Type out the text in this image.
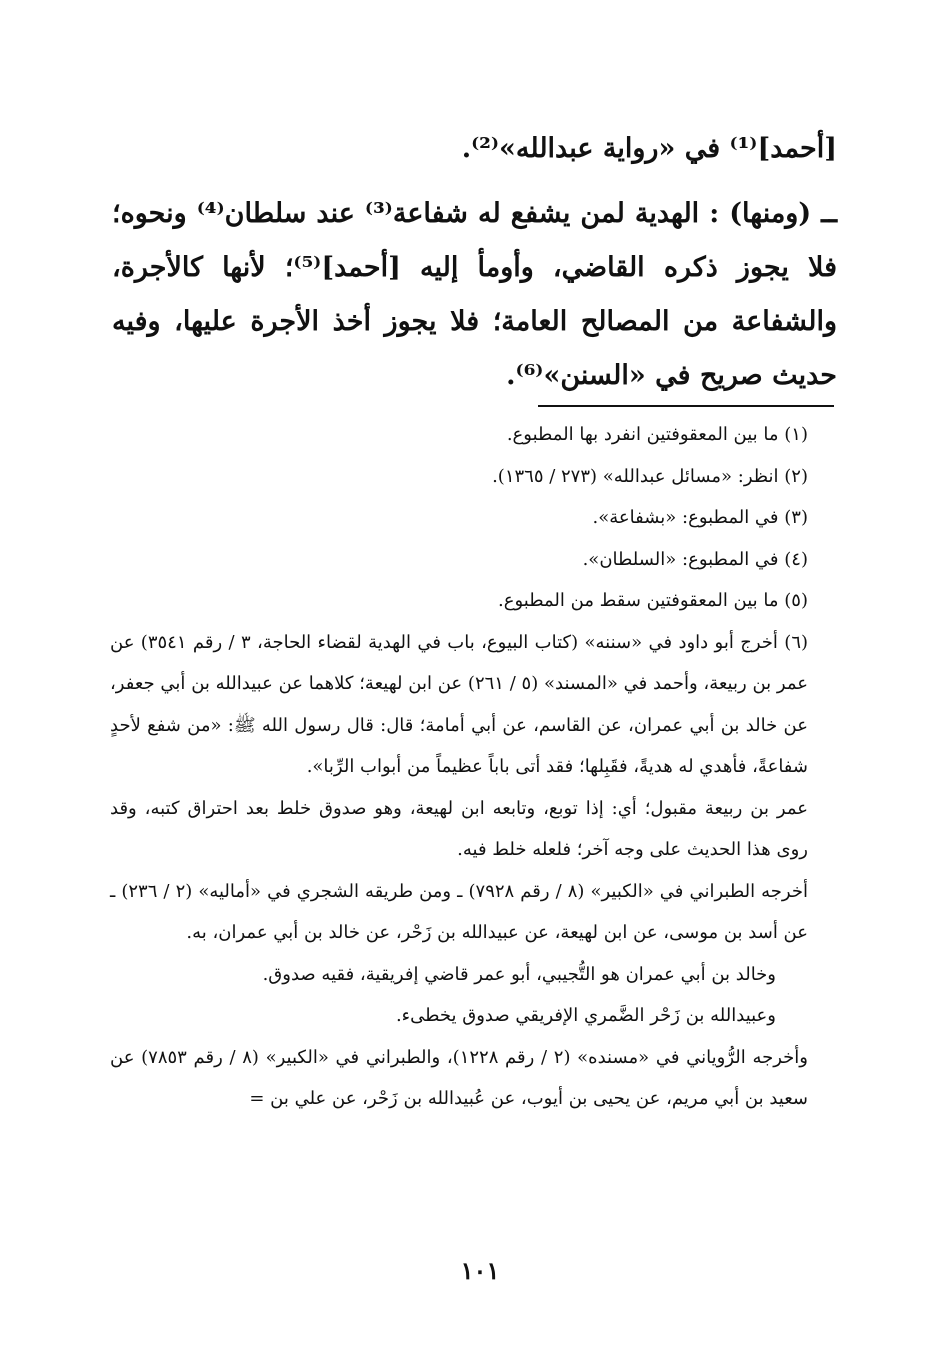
[أحمد]⁽¹⁾ في «رواية عبدالله»⁽²⁾.

ــ (ومنها) : الهدية لمن يشفع له شفاعة⁽³⁾ عند سلطان⁽⁴⁾ ونحوه؛ فلا يجوز ذكره القاضي، وأومأ إليه [أحمد]⁽⁵⁾؛ لأنها كالأجرة، والشفاعة من المصالح العامة؛ فلا يجوز أخذ الأجرة عليها، وفيه حديث صريح في «السنن»⁽⁶⁾.

(١) ما بين المعقوفتين انفرد بها المطبوع.

(٢) انظر: «مسائل عبدالله» (٢٧٣ / ١٣٦٥).

(٣) في المطبوع: «بشفاعة».

(٤) في المطبوع: «السلطان».

(٥) ما بين المعقوفتين سقط من المطبوع.

(٦) أخرج أبو داود في «سننه» (كتاب البيوع، باب في الهدية لقضاء الحاجة، ٣ / رقم ٣٥٤١) عن عمر بن ربيعة، وأحمد في «المسند» (٥ / ٢٦١) عن ابن لهيعة؛ كلاهما عن عبيدالله بن أبي جعفر، عن خالد بن أبي عمران، عن القاسم، عن أبي أمامة؛ قال: قال رسول الله ﷺ: «من شفع لأحدٍ شفاعةً، فأهدي له هديةً، فقَبِلها؛ فقد أتى باباً عظيماً من أبواب الرِّبا».

عمر بن ربيعة مقبول؛ أي: إذا توبع، وتابعه ابن لهيعة، وهو صدوق خلط بعد احتراق كتبه، وقد روى هذا الحديث على وجه آخر؛ فلعله خلط فيه.

أخرجه الطبراني في «الكبير» (٨ / رقم ٧٩٢٨) ـ ومن طريقه الشجري في «أماليه» (٢ / ٢٣٦) ـ عن أسد بن موسى، عن ابن لهيعة، عن عبيدالله بن زَحْر، عن خالد بن أبي عمران، به.

وخالد بن أبي عمران هو التُّجيبي، أبو عمر قاضي إفريقية، فقيه صدوق.

وعبيدالله بن زَحْر الضَّمري الإفريقي صدوق يخطىء.

وأخرجه الرُّوياني في «مسنده» (٢ / رقم ١٢٢٨)، والطبراني في «الكبير» (٨ / رقم ٧٨٥٣) عن سعيد بن أبي مريم، عن يحيى بن أيوب، عن عُبيدالله بن زَحْر، عن علي بن =

١٠١
